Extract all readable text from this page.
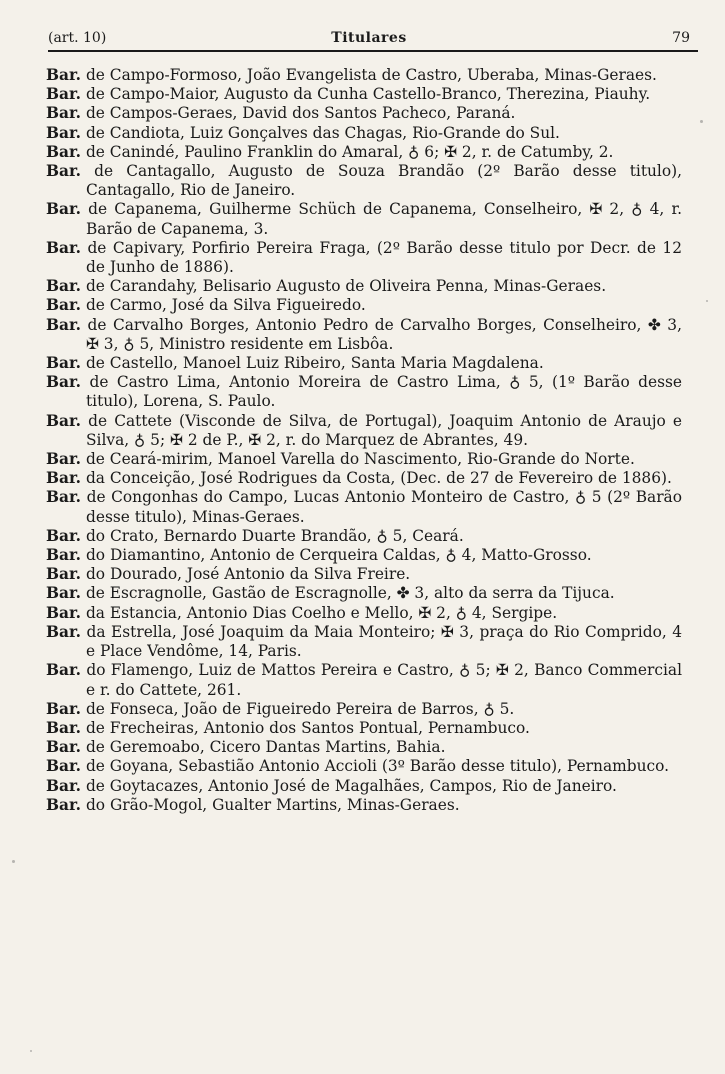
(art. 10)	Titulares	79

Bar. de Campo-Formoso, João Evangelista de Castro, Uberaba, Minas-Geraes.

Bar. de Campo-Maior, Augusto da Cunha Castello-Branco, Therezina, Piauhy.

Bar. de Campos-Geraes, David dos Santos Pacheco, Paraná.

Bar. de Candiota, Luiz Gonçalves das Chagas, Rio-Grande do Sul.

Bar. de Canindé, Paulino Franklin do Amaral, ♁ 6; ✠ 2, r. de Catumby, 2.

Bar. de Cantagallo, Augusto de Souza Brandão (2º Barão desse titulo), Cantagallo, Rio de Janeiro.

Bar. de Capanema, Guilherme Schüch de Capanema, Conselheiro, ✠ 2, ♁ 4, r. Barão de Capanema, 3.

Bar. de Capivary, Porfirio Pereira Fraga, (2º Barão desse titulo por Decr. de 12 de Junho de 1886).

Bar. de Carandahy, Belisario Augusto de Oliveira Penna, Minas-Geraes.

Bar. de Carmo, José da Silva Figueiredo.

Bar. de Carvalho Borges, Antonio Pedro de Carvalho Borges, Conselheiro, ✤ 3, ✠ 3, ♁ 5, Ministro residente em Lisbôa.

Bar. de Castello, Manoel Luiz Ribeiro, Santa Maria Magdalena.

Bar. de Castro Lima, Antonio Moreira de Castro Lima, ♁ 5, (1º Barão desse titulo), Lorena, S. Paulo.

Bar. de Cattete (Visconde de Silva, de Portugal), Joaquim Antonio de Araujo e Silva, ♁ 5; ✠ 2 de P., ✠ 2, r. do Marquez de Abrantes, 49.

Bar. de Ceará-mirim, Manoel Varella do Nascimento, Rio-Grande do Norte.

Bar. da Conceição, José Rodrigues da Costa, (Dec. de 27 de Fevereiro de 1886).

Bar. de Congonhas do Campo, Lucas Antonio Monteiro de Castro, ♁ 5 (2º Barão desse titulo), Minas-Geraes.

Bar. do Crato, Bernardo Duarte Brandão, ♁ 5, Ceará.

Bar. do Diamantino, Antonio de Cerqueira Caldas, ♁ 4, Matto-Grosso.

Bar. do Dourado, José Antonio da Silva Freire.

Bar. de Escragnolle, Gastão de Escragnolle, ✤ 3, alto da serra da Tijuca.

Bar. da Estancia, Antonio Dias Coelho e Mello, ✠ 2, ♁ 4, Sergipe.

Bar. da Estrella, José Joaquim da Maia Monteiro; ✠ 3, praça do Rio Comprido, 4 e Place Vendôme, 14, Paris.

Bar. do Flamengo, Luiz de Mattos Pereira e Castro, ♁ 5; ✠ 2, Banco Commercial e r. do Cattete, 261.

Bar. de Fonseca, João de Figueiredo Pereira de Barros, ♁ 5.

Bar. de Frecheiras, Antonio dos Santos Pontual, Pernambuco.

Bar. de Geremoabo, Cicero Dantas Martins, Bahia.

Bar. de Goyana, Sebastião Antonio Accioli (3º Barão desse titulo), Pernambuco.

Bar. de Goytacazes, Antonio José de Magalhães, Campos, Rio de Janeiro.

Bar. do Grão-Mogol, Gualter Martins, Minas-Geraes.
